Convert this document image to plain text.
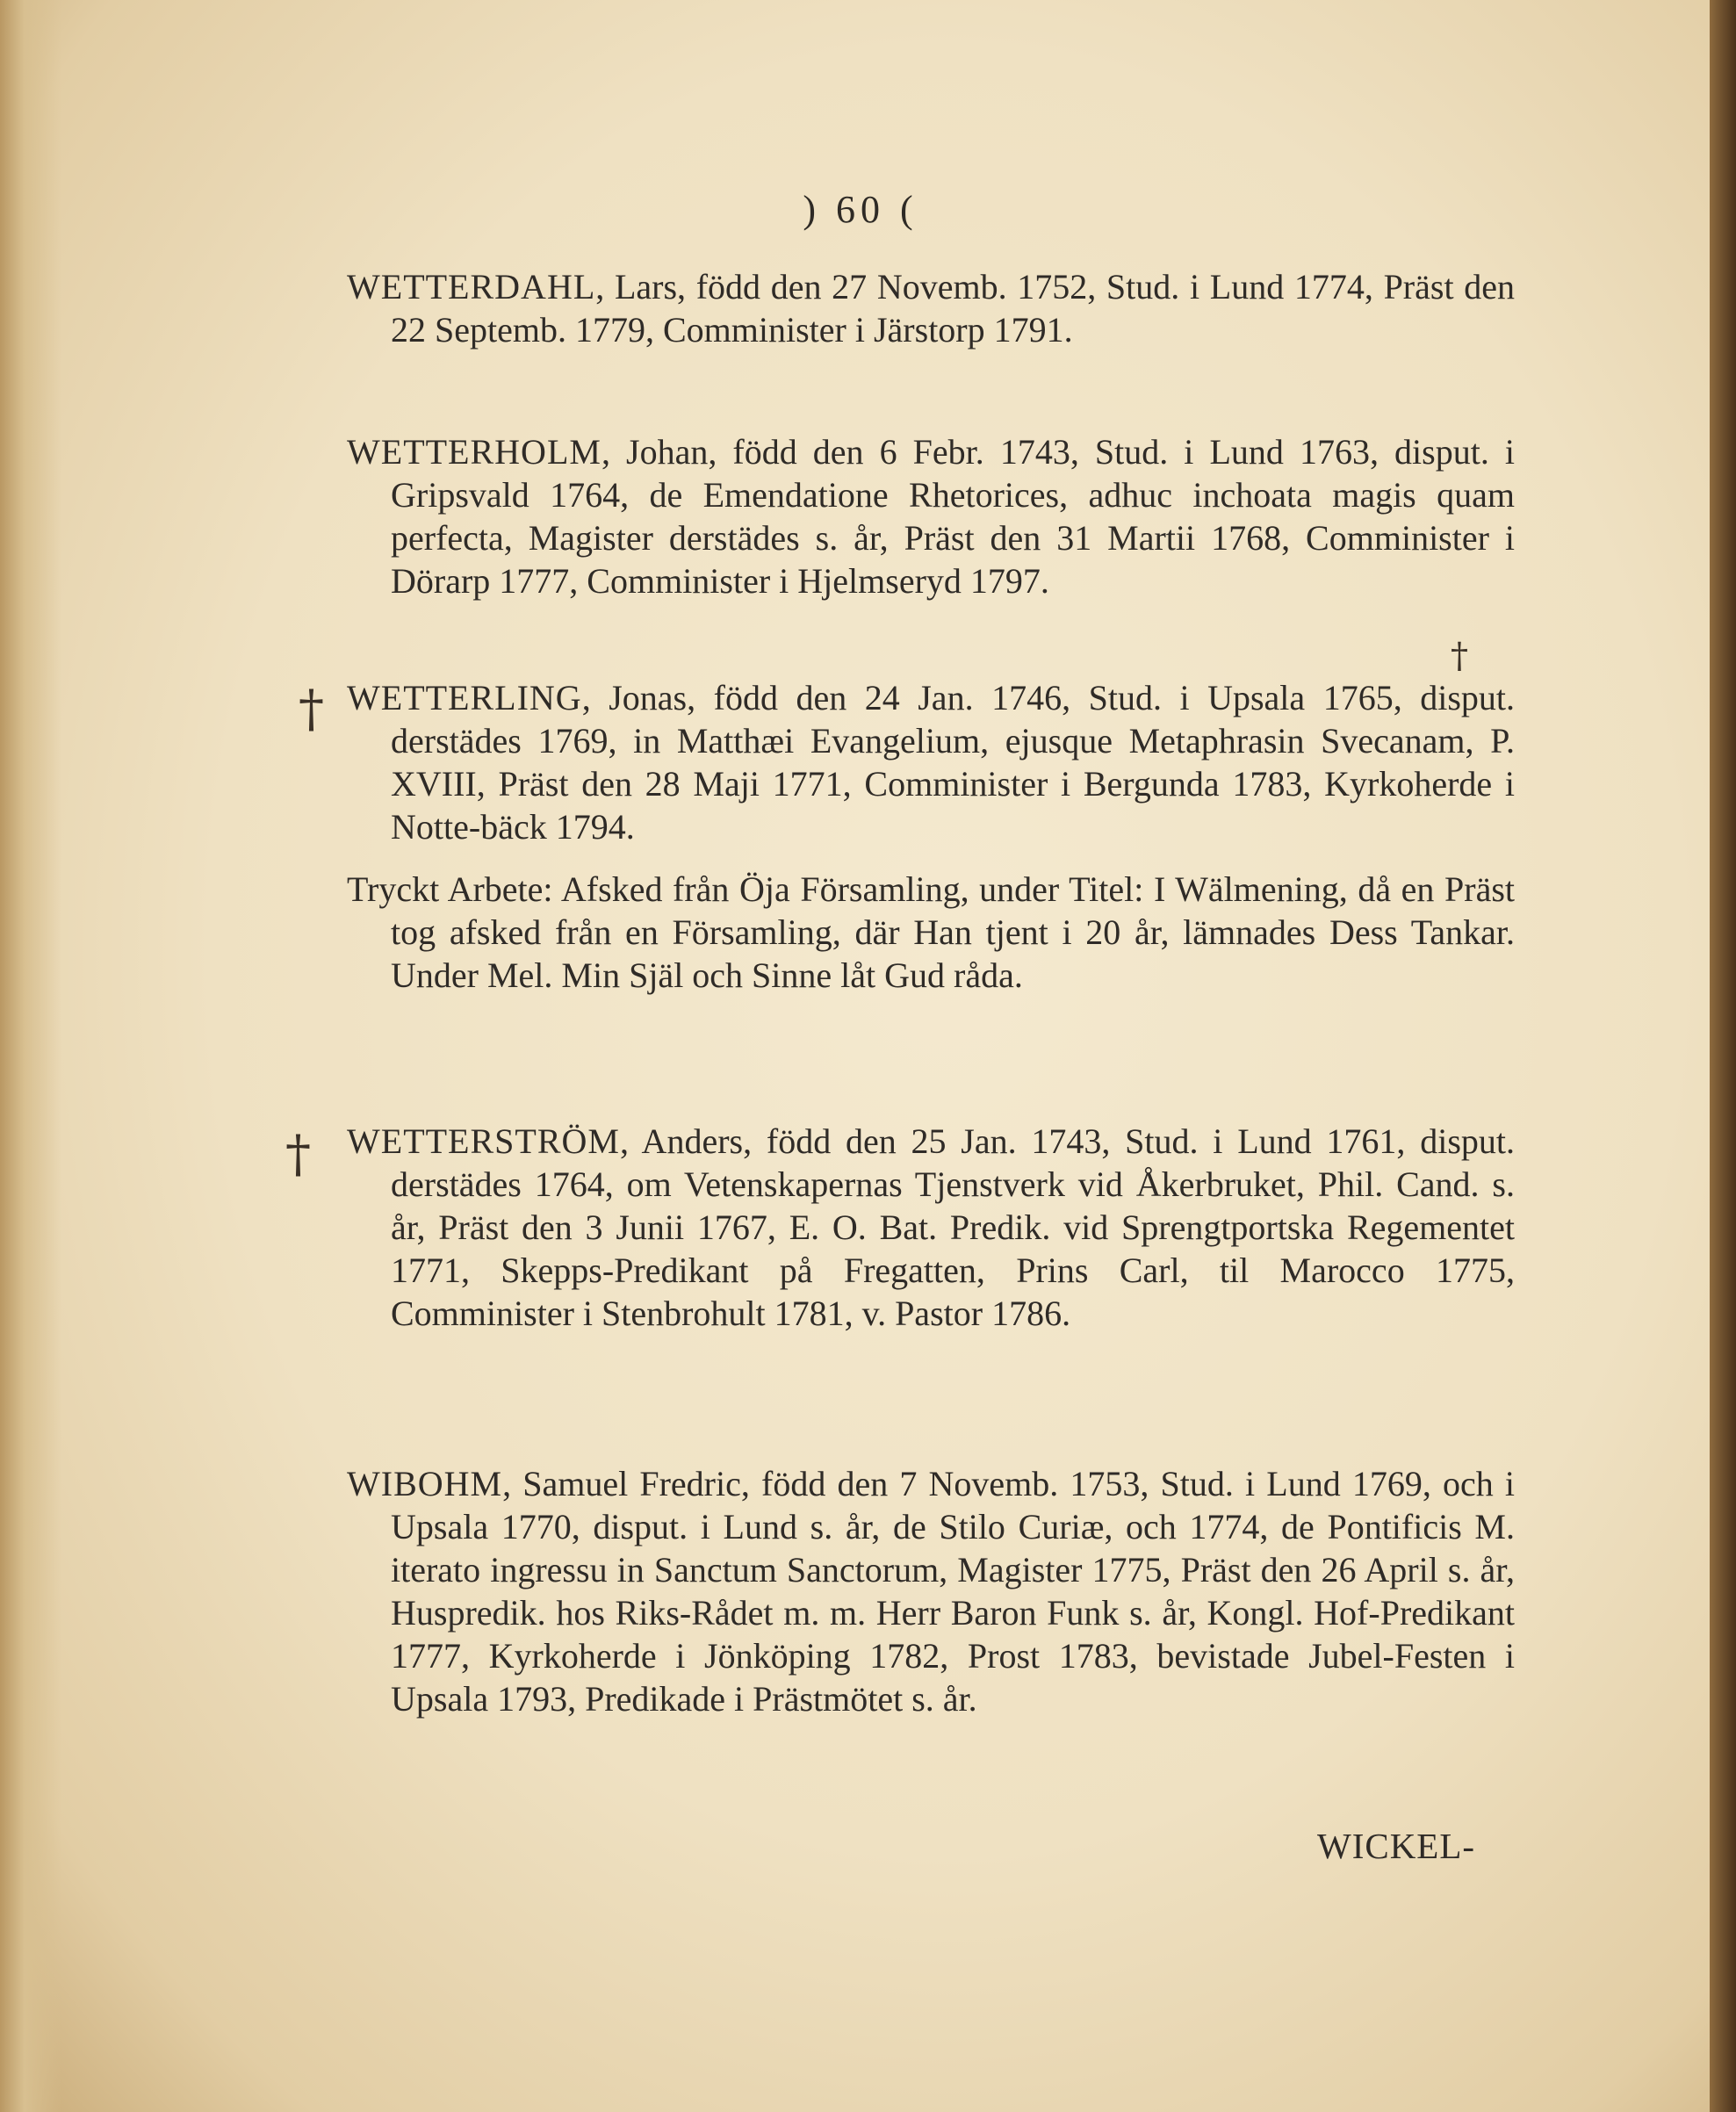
) 60 (

WETTERDAHL, Lars, född den 27 Novemb. 1752, Stud. i Lund 1774, Präst den 22 Septemb. 1779, Comminister i Järstorp 1791.

WETTERHOLM, Johan, född den 6 Febr. 1743, Stud. i Lund 1763, disput. i Gripsvald 1764, de Emendatione Rhetorices, adhuc inchoata magis quam perfecta, Magister derstädes s. år, Präst den 31 Martii 1768, Comminister i Dörarp 1777, Comminister i Hjelmseryd 1797.

†
†

WETTERLING, Jonas, född den 24 Jan. 1746, Stud. i Upsala 1765, disput. derstädes 1769, in Matthæi Evangelium, ejusque Metaphrasin Svecanam, P. XVIII, Präst den 28 Maji 1771, Comminister i Bergunda 1783, Kyrkoherde i Notte-bäck 1794.

Tryckt Arbete: Afsked från Öja Församling, under Titel: I Wälmening, då en Präst tog afsked från en Församling, där Han tjent i 20 år, lämnades Dess Tankar. Under Mel. Min Själ och Sinne låt Gud råda.

† WETTERSTRÖM, Anders, född den 25 Jan. 1743, Stud. i Lund 1761, disput. derstädes 1764, om Vetenskapernas Tjenstverk vid Åkerbruket, Phil. Cand. s. år, Präst den 3 Junii 1767, E. O. Bat. Predik. vid Sprengtportska Regementet 1771, Skepps-Predikant på Fregatten, Prins Carl, til Marocco 1775, Comminister i Stenbrohult 1781, v. Pastor 1786.

WIBOHM, Samuel Fredric, född den 7 Novemb. 1753, Stud. i Lund 1769, och i Upsala 1770, disput. i Lund s. år, de Stilo Curiæ, och 1774, de Pontificis M. iterato ingressu in Sanctum Sanctorum, Magister 1775, Präst den 26 April s. år, Huspredik. hos Riks-Rådet m. m. Herr Baron Funk s. år, Kongl. Hof-Predikant 1777, Kyrkoherde i Jönköping 1782, Prost 1783, bevistade Jubel-Festen i Upsala 1793, Predikade i Prästmötet s. år.

WICKEL-
